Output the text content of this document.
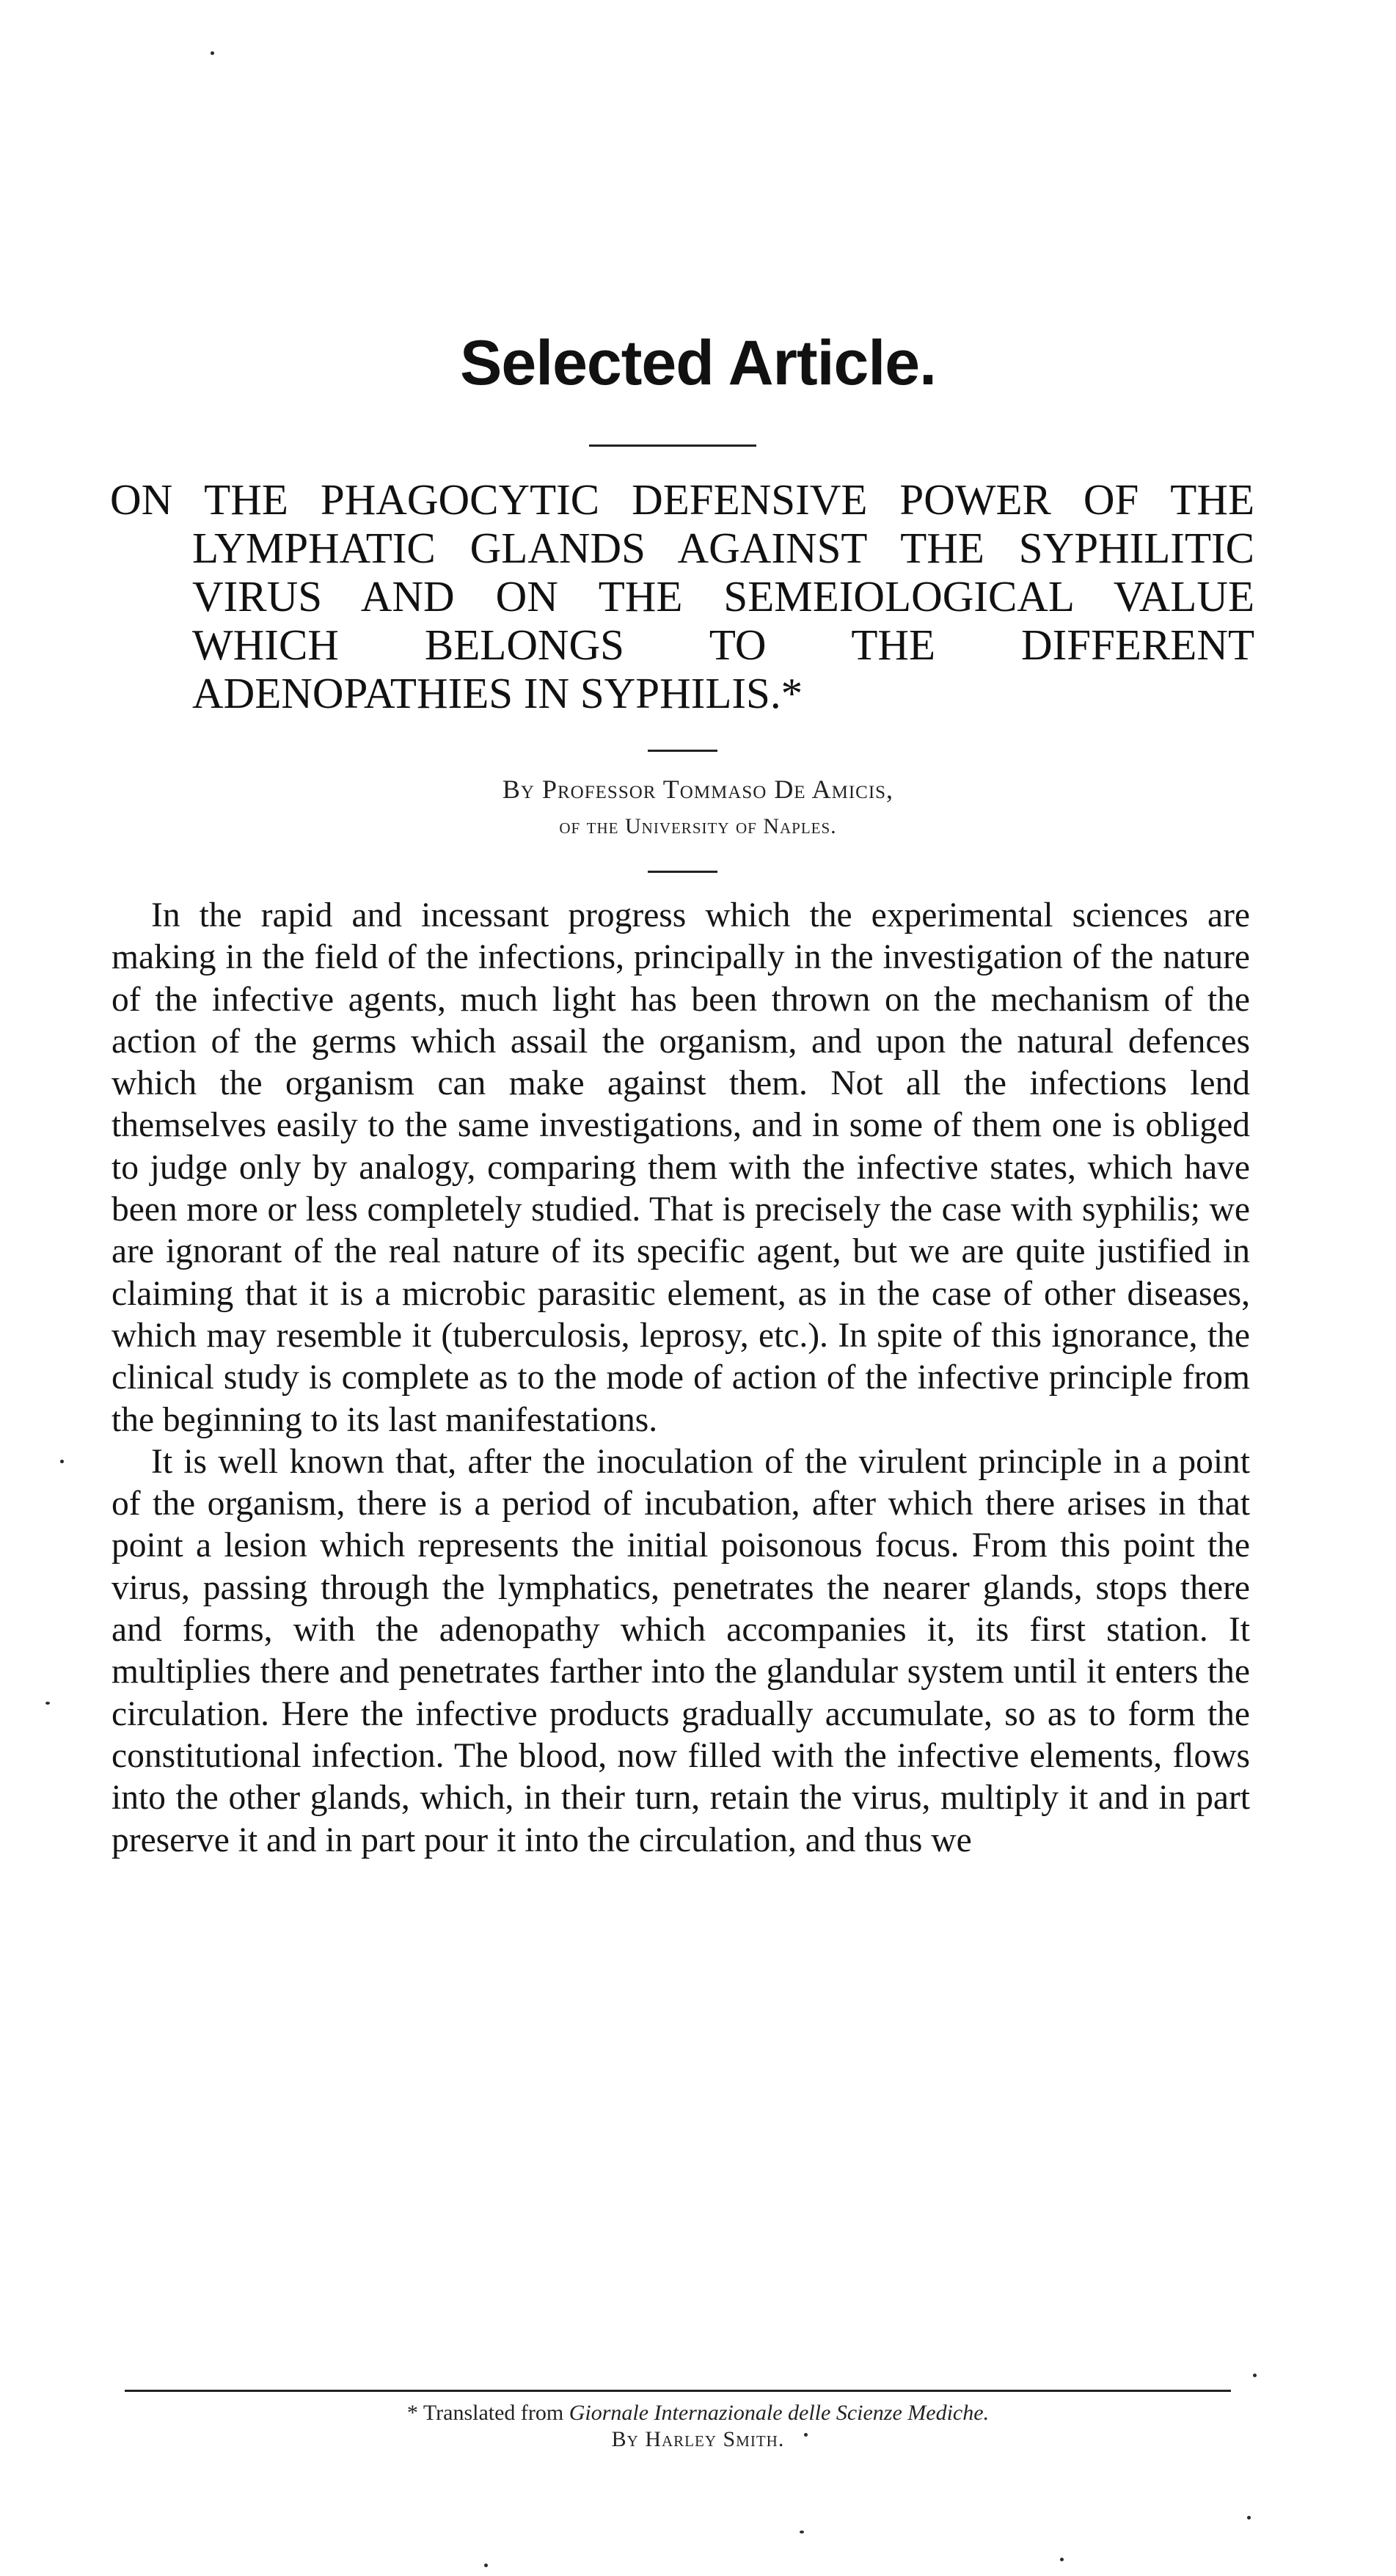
Selected Article.
ON THE PHAGOCYTIC DEFENSIVE POWER OF THE LYMPHATIC GLANDS AGAINST THE SYPHILITIC VIRUS AND ON THE SEMEIOLOGICAL VALUE WHICH BELONGS TO THE DIFFERENT ADENOPATHIES IN SYPHILIS.*
By Professor Tommaso De Amicis,
of the University of Naples.

In the rapid and incessant progress which the experimental sciences are making in the field of the infections, principally in the investigation of the nature of the infective agents, much light has been thrown on the mechanism of the action of the germs which assail the organism, and upon the natural defences which the organism can make against them. Not all the infections lend themselves easily to the same investigations, and in some of them one is obliged to judge only by analogy, comparing them with the infective states, which have been more or less completely studied. That is precisely the case with syphilis; we are ignorant of the real nature of its specific agent, but we are quite justified in claiming that it is a microbic parasitic element, as in the case of other diseases, which may resemble it (tuberculosis, leprosy, etc.). In spite of this ignorance, the clinical study is complete as to the mode of action of the infective principle from the beginning to its last manifestations.

It is well known that, after the inoculation of the virulent principle in a point of the organism, there is a period of incubation, after which there arises in that point a lesion which represents the initial poisonous focus. From this point the virus, passing through the lymphatics, penetrates the nearer glands, stops there and forms, with the adenopathy which accompanies it, its first station. It multiplies there and penetrates farther into the glandular system until it enters the circulation. Here the infective products gradually accumulate, so as to form the constitutional infection. The blood, now filled with the infective elements, flows into the other glands, which, in their turn, retain the virus, multiply it and in part preserve it and in part pour it into the circulation, and thus we

* Translated from Giornale Internazionale delle Scienze Mediche.
By Harley Smith.
